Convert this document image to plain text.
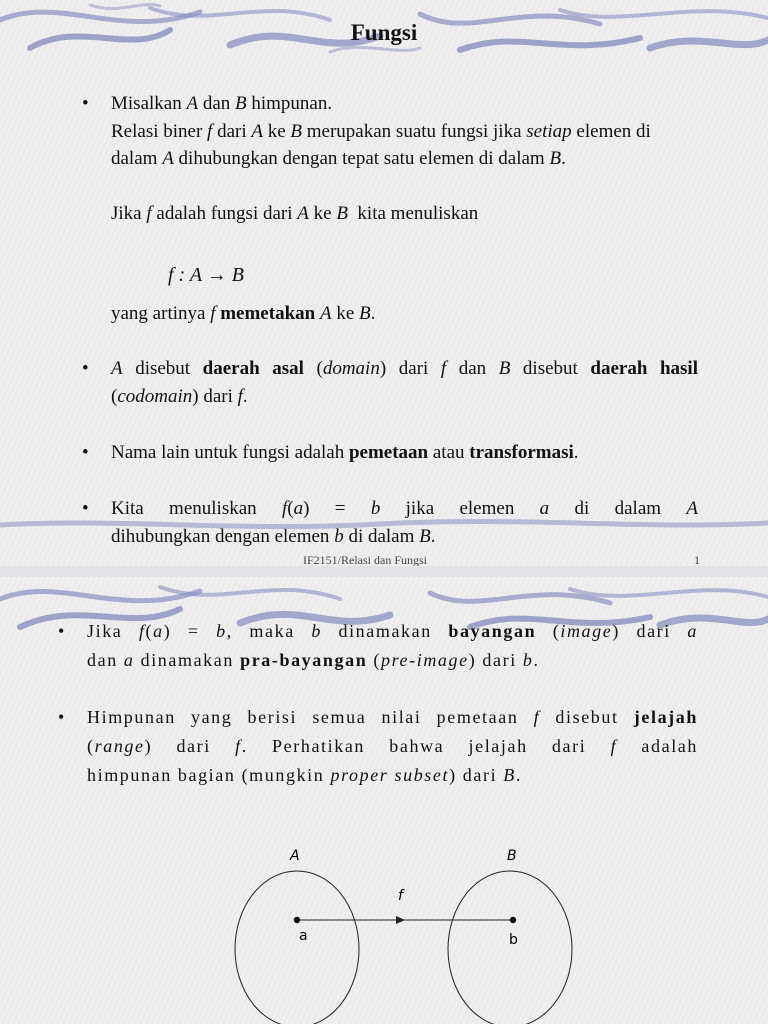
Fungsi
•	Misalkan A dan B himpunan.
Relasi biner f dari A ke B merupakan suatu fungsi jika setiap elemen di dalam A dihubungkan dengan tepat satu elemen di dalam B.
Jika f adalah fungsi dari A ke B  kita menuliskan
f : A → B
yang artinya f memetakan A ke B.
•	A disebut daerah asal (domain) dari f dan B disebut daerah hasil (codomain) dari f.
•	Nama lain untuk fungsi adalah pemetaan atau transformasi.
•	Kita menuliskan f(a) = b jika elemen a di dalam A
dihubungkan dengan elemen b di dalam B.
IF2151/Relasi dan Fungsi	1
•	Jika f(a) = b, maka b dinamakan bayangan (image) dari a
dan a dinamakan pra-bayangan (pre-image) dari b.
•	Himpunan yang berisi semua nilai pemetaan f disebut jelajah
(range) dari f. Perhatikan bahwa jelajah dari f adalah
himpunan bagian (mungkin proper subset) dari B.
A	B
f
a	b
